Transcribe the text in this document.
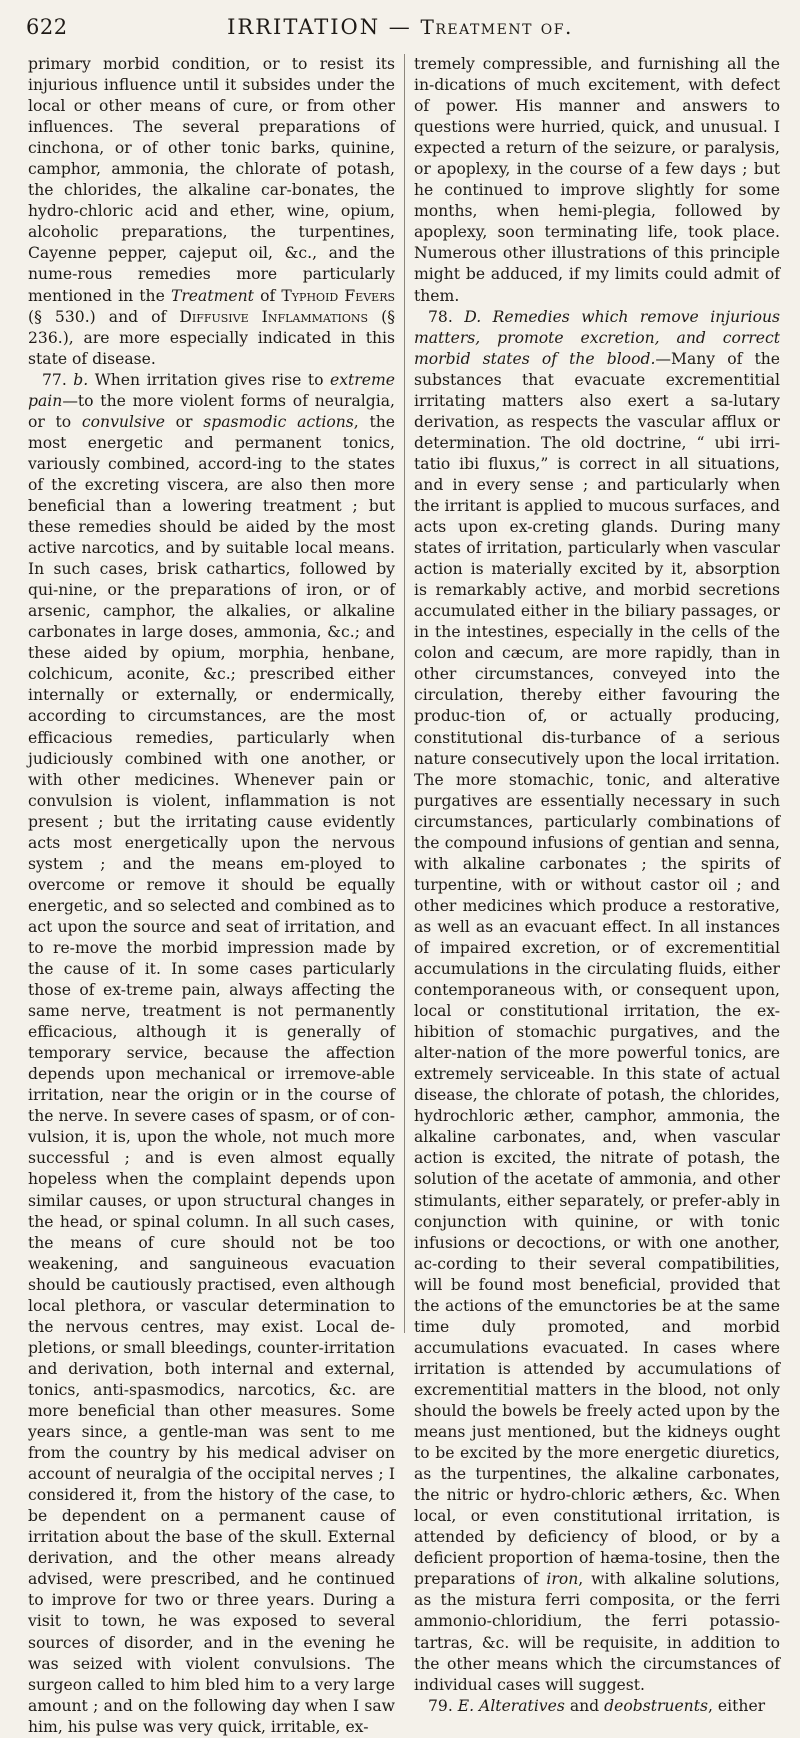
622	IRRITATION — Treatment of.

primary morbid condition, or to resist its injurious influence until it subsides under the local or other means of cure, or from other influences. The several preparations of cinchona, or of other tonic barks, quinine, camphor, ammonia, the chlorate of potash, the chlorides, the alkaline car-bonates, the hydro-chloric acid and ether, wine, opium, alcoholic preparations, the turpentines, Cayenne pepper, cajeput oil, &c., and the nume-rous remedies more particularly mentioned in the Treatment of Typhoid Fevers (§ 530.) and of Diffusive Inflammations (§ 236.), are more especially indicated in this state of disease.

77. b. When irritation gives rise to extreme pain—to the more violent forms of neuralgia, or to convulsive or spasmodic actions, the most energetic and permanent tonics, variously combined, accord-ing to the states of the excreting viscera, are also then more beneficial than a lowering treatment ; but these remedies should be aided by the most active narcotics, and by suitable local means. In such cases, brisk cathartics, followed by qui-nine, or the preparations of iron, or of arsenic, camphor, the alkalies, or alkaline carbonates in large doses, ammonia, &c.; and these aided by opium, morphia, henbane, colchicum, aconite, &c.; prescribed either internally or externally, or endermically, according to circumstances, are the most efficacious remedies, particularly when judiciously combined with one another, or with other medicines. Whenever pain or convulsion is violent, inflammation is not present ; but the irritating cause evidently acts most energetically upon the nervous system ; and the means em-ployed to overcome or remove it should be equally energetic, and so selected and combined as to act upon the source and seat of irritation, and to re-move the morbid impression made by the cause of it. In some cases particularly those of ex-treme pain, always affecting the same nerve, treatment is not permanently efficacious, although it is generally of temporary service, because the affection depends upon mechanical or irremove-able irritation, near the origin or in the course of the nerve. In severe cases of spasm, or of con-vulsion, it is, upon the whole, not much more successful ; and is even almost equally hopeless when the complaint depends upon similar causes, or upon structural changes in the head, or spinal column. In all such cases, the means of cure should not be too weakening, and sanguineous evacuation should be cautiously practised, even although local plethora, or vascular determination to the nervous centres, may exist. Local de-pletions, or small bleedings, counter-irritation and derivation, both internal and external, tonics, anti-spasmodics, narcotics, &c. are more beneficial than other measures. Some years since, a gentle-man was sent to me from the country by his medical adviser on account of neuralgia of the occipital nerves ; I considered it, from the history of the case, to be dependent on a permanent cause of irritation about the base of the skull. External derivation, and the other means already advised, were prescribed, and he continued to improve for two or three years. During a visit to town, he was exposed to several sources of disorder, and in the evening he was seized with violent convulsions. The surgeon called to him bled him to a very large amount ; and on the following day when I saw him, his pulse was very quick, irritable, ex-

tremely compressible, and furnishing all the in-dications of much excitement, with defect of power. His manner and answers to questions were hurried, quick, and unusual. I expected a return of the seizure, or paralysis, or apoplexy, in the course of a few days ; but he continued to improve slightly for some months, when hemi-plegia, followed by apoplexy, soon terminating life, took place. Numerous other illustrations of this principle might be adduced, if my limits could admit of them.

78. D. Remedies which remove injurious matters, promote excretion, and correct morbid states of the blood.—Many of the substances that evacuate excrementitial irritating matters also exert a sa-lutary derivation, as respects the vascular afflux or determination. The old doctrine, “ ubi irri-tatio ibi fluxus,” is correct in all situations, and in every sense ; and particularly when the irritant is applied to mucous surfaces, and acts upon ex-creting glands. During many states of irritation, particularly when vascular action is materially excited by it, absorption is remarkably active, and morbid secretions accumulated either in the biliary passages, or in the intestines, especially in the cells of the colon and cæcum, are more rapidly, than in other circumstances, conveyed into the circulation, thereby either favouring the produc-tion of, or actually producing, constitutional dis-turbance of a serious nature consecutively upon the local irritation. The more stomachic, tonic, and alterative purgatives are essentially necessary in such circumstances, particularly combinations of the compound infusions of gentian and senna, with alkaline carbonates ; the spirits of turpentine, with or without castor oil ; and other medicines which produce a restorative, as well as an evacuant effect. In all instances of impaired excretion, or of excrementitial accumulations in the circulating fluids, either contemporaneous with, or consequent upon, local or constitutional irritation, the ex-hibition of stomachic purgatives, and the alter-nation of the more powerful tonics, are extremely serviceable. In this state of actual disease, the chlorate of potash, the chlorides, hydrochloric æther, camphor, ammonia, the alkaline carbonates, and, when vascular action is excited, the nitrate of potash, the solution of the acetate of ammonia, and other stimulants, either separately, or prefer-ably in conjunction with quinine, or with tonic infusions or decoctions, or with one another, ac-cording to their several compatibilities, will be found most beneficial, provided that the actions of the emunctories be at the same time duly promoted, and morbid accumulations evacuated. In cases where irritation is attended by accumulations of excrementitial matters in the blood, not only should the bowels be freely acted upon by the means just mentioned, but the kidneys ought to be excited by the more energetic diuretics, as the turpentines, the alkaline carbonates, the nitric or hydro-chloric æthers, &c. When local, or even constitutional irritation, is attended by deficiency of blood, or by a deficient proportion of hæma-tosine, then the preparations of iron, with alkaline solutions, as the mistura ferri composita, or the ferri ammonio-chloridium, the ferri potassio-tartras, &c. will be requisite, in addition to the other means which the circumstances of individual cases will suggest.

79. E. Alteratives and deobstruents, either
